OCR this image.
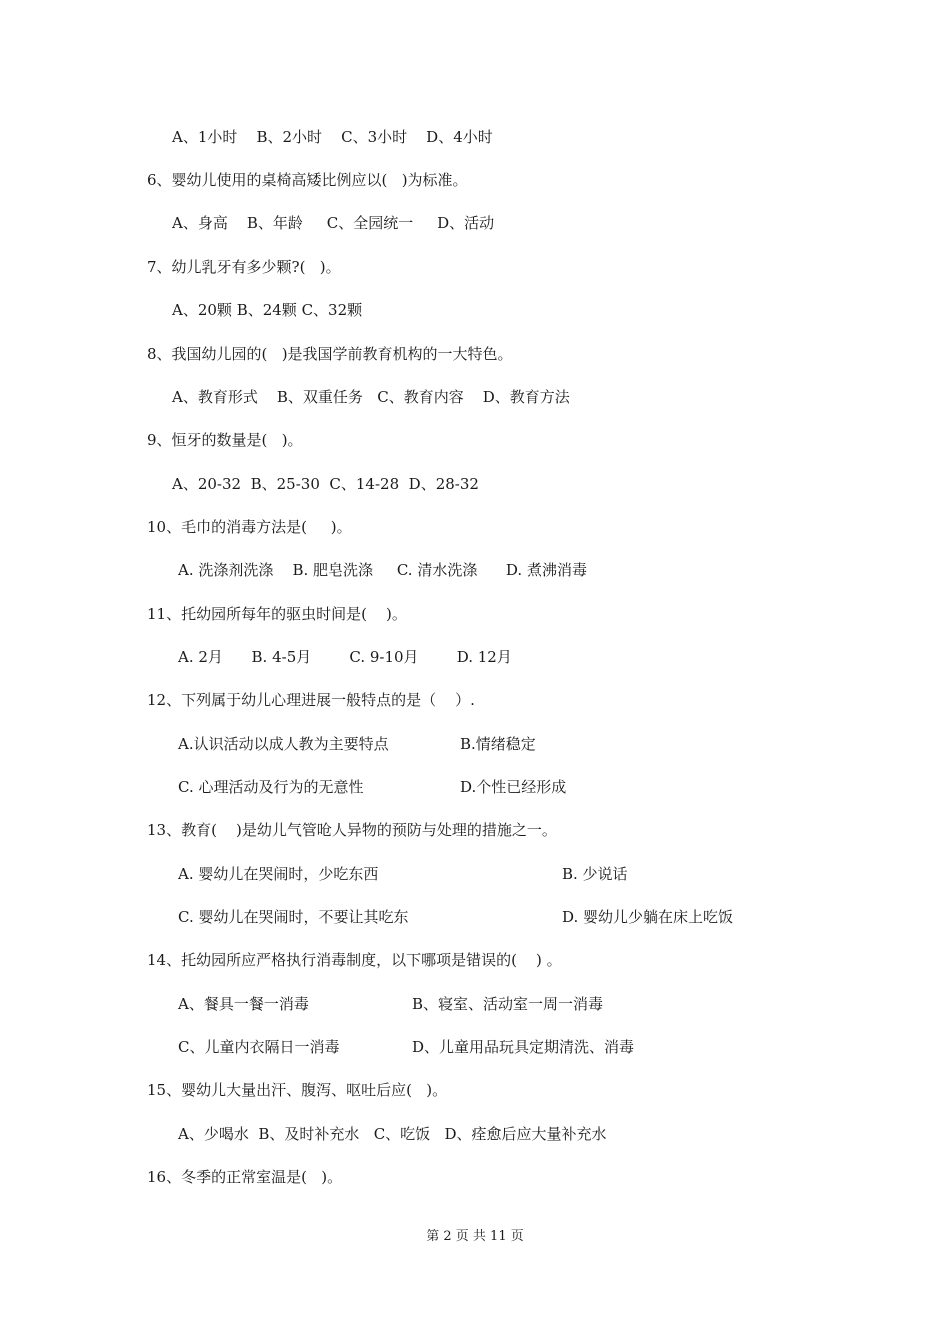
A、1小时    B、2小时    C、3小时    D、4小时
6、婴幼儿使用的桌椅高矮比例应以(   )为标准。
A、身高    B、年龄     C、全园统一     D、活动
7、幼儿乳牙有多少颗?(   )。
A、20颗 B、24颗 C、32颗
8、我国幼儿园的(   )是我国学前教育机构的一大特色。
A、教育形式    B、双重任务   C、教育内容    D、教育方法
9、恒牙的数量是(   )。
A、20-32  B、25-30  C、14-28  D、28-32
10、毛巾的消毒方法是(     )。
A. 洗涤剂洗涤    B. 肥皂洗涤     C. 清水洗涤      D. 煮沸消毒
11、托幼园所每年的驱虫时间是(    )。
A. 2月      B. 4-5月        C. 9-10月        D. 12月
12、下列属于幼儿心理进展一般特点的是（    ）.
A.认识活动以成人教为主要特点	B.情绪稳定
C. 心理活动及行为的无意性	D.个性已经形成
13、教育(    )是幼儿气管呛人异物的预防与处理的措施之一。
A. 婴幼儿在哭闹时，少吃东西	B. 少说话
C. 婴幼儿在哭闹时，不要让其吃东	D. 婴幼儿少躺在床上吃饭
14、托幼园所应严格执行消毒制度，以下哪项是错误的(    ) 。
A、餐具一餐一消毒	B、寝室、活动室一周一消毒
C、儿童内衣隔日一消毒	D、儿童用品玩具定期清洗、消毒
15、婴幼儿大量出汗、腹泻、呕吐后应(   )。
A、少喝水  B、及时补充水   C、吃饭   D、痊愈后应大量补充水
16、冬季的正常室温是(   )。
第 2 页 共 11 页
